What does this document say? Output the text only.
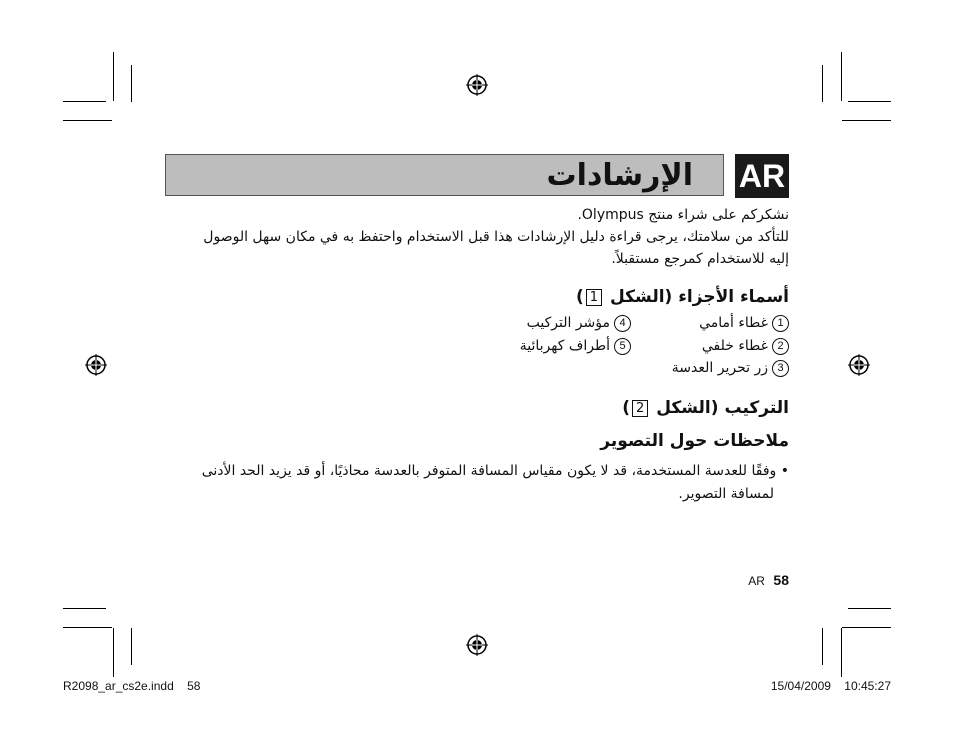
الإرشادات AR
نشكركم على شراء منتج Olympus.
للتأكد من سلامتك، يرجى قراءة دليل الإرشادات هذا قبل الاستخدام واحتفظ به في مكان سهل الوصول
إليه للاستخدام كمرجع مستقبلاً.
أسماء الأجزاء (الشكل 1)
1غطاء أمامي
2غطاء خلفي
3زر تحرير العدسة
4مؤشر التركيب
5أطراف كهربائية
التركيب (الشكل 2)
ملاحظات حول التصوير
• وفقًا للعدسة المستخدمة، قد لا يكون مقياس المسافة المتوفر بالعدسة محاذيًا، أو قد يزيد الحد الأدنى
لمسافة التصوير.
AR 58
R2098_ar_cs2e.indd 58	15/04/2009 10:45:27
